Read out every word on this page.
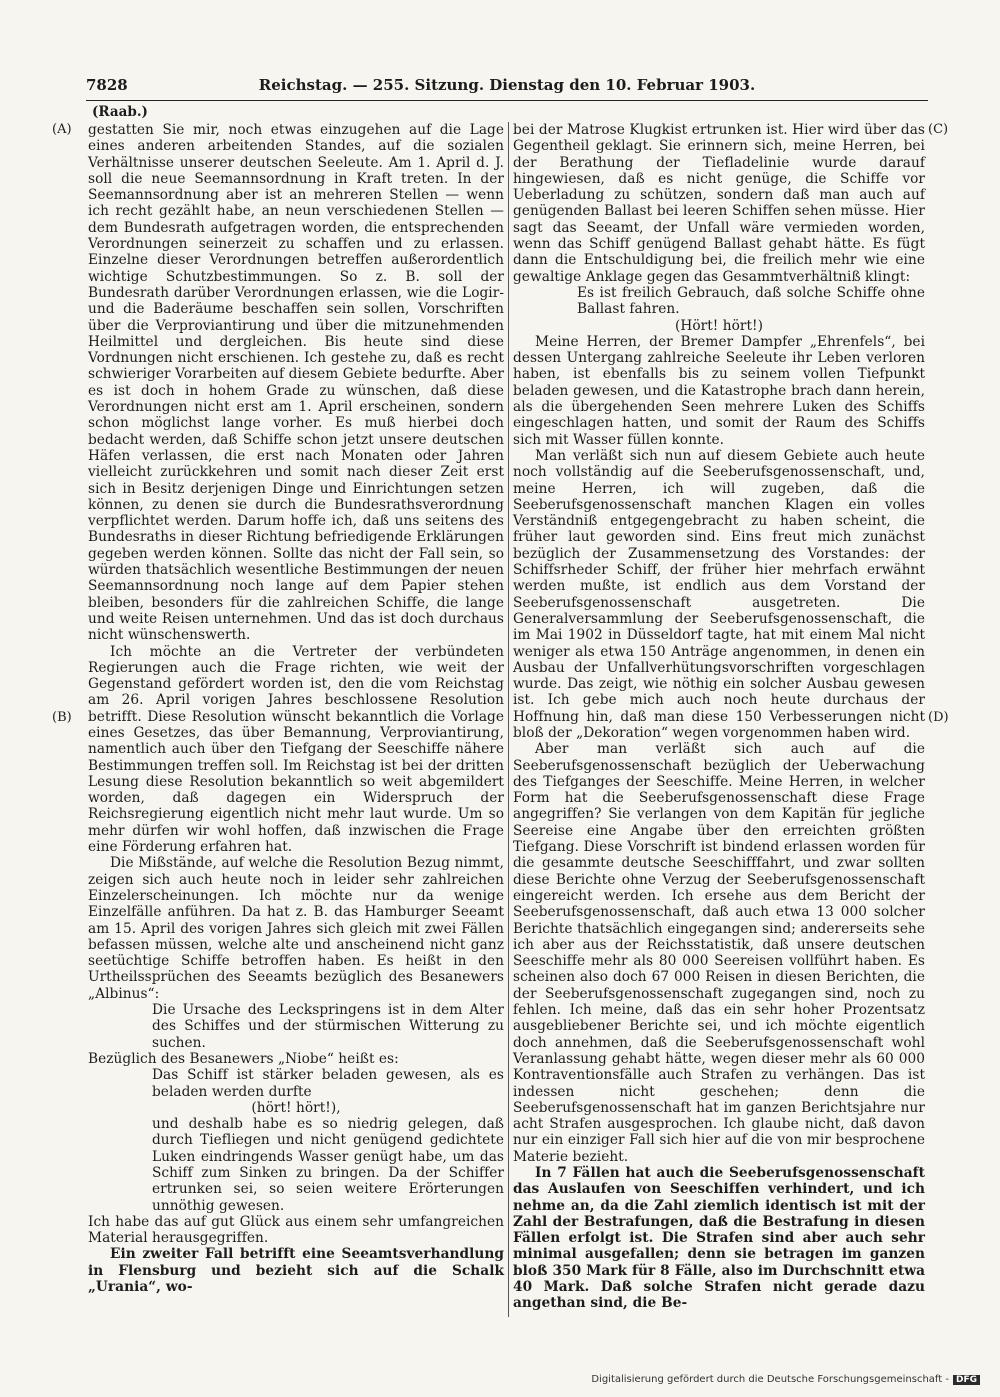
7828	Reichstag. — 255. Sitzung. Dienstag den 10. Februar 1903.
(Raab.)
(A)
(B)
(C)
(D)

gestatten Sie mir, noch etwas einzugehen auf die Lage eines anderen arbeitenden Standes, auf die sozialen Verhältnisse unserer deutschen Seeleute. Am 1. April d. J. soll die neue Seemannsordnung in Kraft treten. In der Seemannsordnung aber ist an mehreren Stellen — wenn ich recht gezählt habe, an neun verschiedenen Stellen — dem Bundesrath aufgetragen worden, die entsprechenden Verordnungen seinerzeit zu schaffen und zu erlassen. Einzelne dieser Verordnungen betreffen außerordentlich wichtige Schutzbestimmungen. So z. B. soll der Bundesrath darüber Verordnungen erlassen, wie die Logir- und die Baderäume beschaffen sein sollen, Vorschriften über die Verproviantirung und über die mitzunehmenden Heilmittel und dergleichen. Bis heute sind diese Vordnungen nicht erschienen. Ich gestehe zu, daß es recht schwieriger Vorarbeiten auf diesem Gebiete bedurfte. Aber es ist doch in hohem Grade zu wünschen, daß diese Verordnungen nicht erst am 1. April erscheinen, sondern schon möglichst lange vorher. Es muß hierbei doch bedacht werden, daß Schiffe schon jetzt unsere deutschen Häfen verlassen, die erst nach Monaten oder Jahren vielleicht zurückkehren und somit nach dieser Zeit erst sich in Besitz derjenigen Dinge und Einrichtungen setzen können, zu denen sie durch die Bundesrathsverordnung verpflichtet werden. Darum hoffe ich, daß uns seitens des Bundesraths in dieser Richtung befriedigende Erklärungen gegeben werden können. Sollte das nicht der Fall sein, so würden thatsächlich wesentliche Bestimmungen der neuen Seemannsordnung noch lange auf dem Papier stehen bleiben, besonders für die zahlreichen Schiffe, die lange und weite Reisen unternehmen. Und das ist doch durchaus nicht wünschenswerth.

Ich möchte an die Vertreter der verbündeten Regierungen auch die Frage richten, wie weit der Gegenstand gefördert worden ist, den die vom Reichstag am 26. April vorigen Jahres beschlossene Resolution betrifft. Diese Resolution wünscht bekanntlich die Vorlage eines Gesetzes, das über Bemannung, Verproviantirung, namentlich auch über den Tiefgang der Seeschiffe nähere Bestimmungen treffen soll. Im Reichstag ist bei der dritten Lesung diese Resolution bekanntlich so weit abgemildert worden, daß dagegen ein Widerspruch der Reichsregierung eigentlich nicht mehr laut wurde. Um so mehr dürfen wir wohl hoffen, daß inzwischen die Frage eine Förderung erfahren hat.

Die Mißstände, auf welche die Resolution Bezug nimmt, zeigen sich auch heute noch in leider sehr zahlreichen Einzelerscheinungen. Ich möchte nur da wenige Einzelfälle anführen. Da hat z. B. das Hamburger Seeamt am 15. April des vorigen Jahres sich gleich mit zwei Fällen befassen müssen, welche alte und anscheinend nicht ganz seetüchtige Schiffe betroffen haben. Es heißt in den Urtheilssprüchen des Seeamts bezüglich des Besanewers „Albinus“:

Die Ursache des Leckspringens ist in dem Alter des Schiffes und der stürmischen Witterung zu suchen.

Bezüglich des Besanewers „Niobe“ heißt es:

Das Schiff ist stärker beladen gewesen, als es beladen werden durfte

(hört! hört!),

und deshalb habe es so niedrig gelegen, daß durch Tiefliegen und nicht genügend gedichtete Luken eindringends Wasser genügt habe, um das Schiff zum Sinken zu bringen. Da der Schiffer ertrunken sei, so seien weitere Erörterungen unnöthig gewesen.

Ich habe das auf gut Glück aus einem sehr umfangreichen Material herausgegriffen.

Ein zweiter Fall betrifft eine Seeamtsverhandlung in Flensburg und bezieht sich auf die Schalk „Urania“, wo-

bei der Matrose Klugkist ertrunken ist. Hier wird über das Gegentheil geklagt. Sie erinnern sich, meine Herren, bei der Berathung der Tiefladelinie wurde darauf hingewiesen, daß es nicht genüge, die Schiffe vor Ueberladung zu schützen, sondern daß man auch auf genügenden Ballast bei leeren Schiffen sehen müsse. Hier sagt das Seeamt, der Unfall wäre vermieden worden, wenn das Schiff genügend Ballast gehabt hätte. Es fügt dann die Entschuldigung bei, die freilich mehr wie eine gewaltige Anklage gegen das Gesammtverhältniß klingt:

Es ist freilich Gebrauch, daß solche Schiffe ohne Ballast fahren.

(Hört! hört!)

Meine Herren, der Bremer Dampfer „Ehrenfels“, bei dessen Untergang zahlreiche Seeleute ihr Leben verloren haben, ist ebenfalls bis zu seinem vollen Tiefpunkt beladen gewesen, und die Katastrophe brach dann herein, als die übergehenden Seen mehrere Luken des Schiffs eingeschlagen hatten, und somit der Raum des Schiffs sich mit Wasser füllen konnte.

Man verläßt sich nun auf diesem Gebiete auch heute noch vollständig auf die Seeberufsgenossenschaft, und, meine Herren, ich will zugeben, daß die Seeberufsgenossenschaft manchen Klagen ein volles Verständniß entgegengebracht zu haben scheint, die früher laut geworden sind. Eins freut mich zunächst bezüglich der Zusammensetzung des Vorstandes: der Schiffsrheder Schiff, der früher hier mehrfach erwähnt werden mußte, ist endlich aus dem Vorstand der Seeberufsgenossenschaft ausgetreten. Die Generalversammlung der Seeberufsgenossenschaft, die im Mai 1902 in Düsseldorf tagte, hat mit einem Mal nicht weniger als etwa 150 Anträge angenommen, in denen ein Ausbau der Unfallverhütungsvorschriften vorgeschlagen wurde. Das zeigt, wie nöthig ein solcher Ausbau gewesen ist. Ich gebe mich auch noch heute durchaus der Hoffnung hin, daß man diese 150 Verbesserungen nicht bloß der „Dekoration“ wegen vorgenommen haben wird.

Aber man verläßt sich auch auf die Seeberufsgenossenschaft bezüglich der Ueberwachung des Tiefganges der Seeschiffe. Meine Herren, in welcher Form hat die Seeberufsgenossenschaft diese Frage angegriffen? Sie verlangen von dem Kapitän für jegliche Seereise eine Angabe über den erreichten größten Tiefgang. Diese Vorschrift ist bindend erlassen worden für die gesammte deutsche Seeschifffahrt, und zwar sollten diese Berichte ohne Verzug der Seeberufsgenossenschaft eingereicht werden. Ich ersehe aus dem Bericht der Seeberufsgenossenschaft, daß auch etwa 13 000 solcher Berichte thatsächlich eingegangen sind; andererseits sehe ich aber aus der Reichsstatistik, daß unsere deutschen Seeschiffe mehr als 80 000 Seereisen vollführt haben. Es scheinen also doch 67 000 Reisen in diesen Berichten, die der Seeberufsgenossenschaft zugegangen sind, noch zu fehlen. Ich meine, daß das ein sehr hoher Prozentsatz ausgebliebener Berichte sei, und ich möchte eigentlich doch annehmen, daß die Seeberufsgenossenschaft wohl Veranlassung gehabt hätte, wegen dieser mehr als 60 000 Kontraventionsfälle auch Strafen zu verhängen. Das ist indessen nicht geschehen; denn die Seeberufsgenossenschaft hat im ganzen Berichtsjahre nur acht Strafen ausgesprochen. Ich glaube nicht, daß davon nur ein einziger Fall sich hier auf die von mir besprochene Materie bezieht.

In 7 Fällen hat auch die Seeberufsgenossenschaft das Auslaufen von Seeschiffen verhindert, und ich nehme an, da die Zahl ziemlich identisch ist mit der Zahl der Bestrafungen, daß die Bestrafung in diesen Fällen erfolgt ist. Die Strafen sind aber auch sehr minimal ausgefallen; denn sie betragen im ganzen bloß 350 Mark für 8 Fälle, also im Durchschnitt etwa 40 Mark. Daß solche Strafen nicht gerade dazu angethan sind, die Be-

Digitalisierung gefördert durch die Deutsche Forschungsgemeinschaft - DFG
